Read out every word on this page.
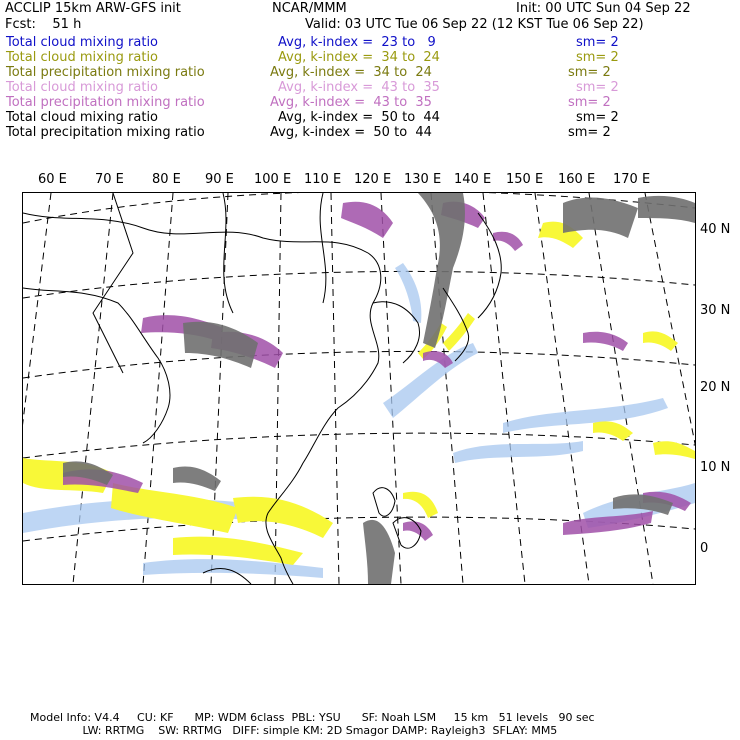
ACCLIP 15km ARW-GFS init	NCAR/MMM	Init: 00 UTC Sun 04 Sep 22
Fcst:    51 h	Valid: 03 UTC Tue 06 Sep 22 (12 KST Tue 06 Sep 22)

Total cloud mixing ratio

	Avg, k-index =  23 to   9

	sm= 2

Total cloud mixing ratio

	Avg, k-index =  34 to  24

	sm= 2

Total precipitation mixing ratio

	Avg, k-index =  34 to  24

	sm= 2

Total cloud mixing ratio

	Avg, k-index =  43 to  35

	sm= 2

Total precipitation mixing ratio

	Avg, k-index =  43 to  35

	sm= 2

Total cloud mixing ratio

	Avg, k-index =  50 to  44

	sm= 2

Total precipitation mixing ratio

	Avg, k-index =  50 to  44

	sm= 2

60 E 70 E 80 E 90 E 100 E 110 E 120 E 130 E 140 E 150 E 160 E 170 E
40 N
30 N
20 N
10 N
0
Model Info: V4.4     CU: KF      MP: WDM 6class  PBL: YSU      SF: Noah LSM     15 km   51 levels   90 sec
LW: RRTMG    SW: RRTMG   DIFF: simple KM: 2D Smagor DAMP: Rayleigh3  SFLAY: MM5
